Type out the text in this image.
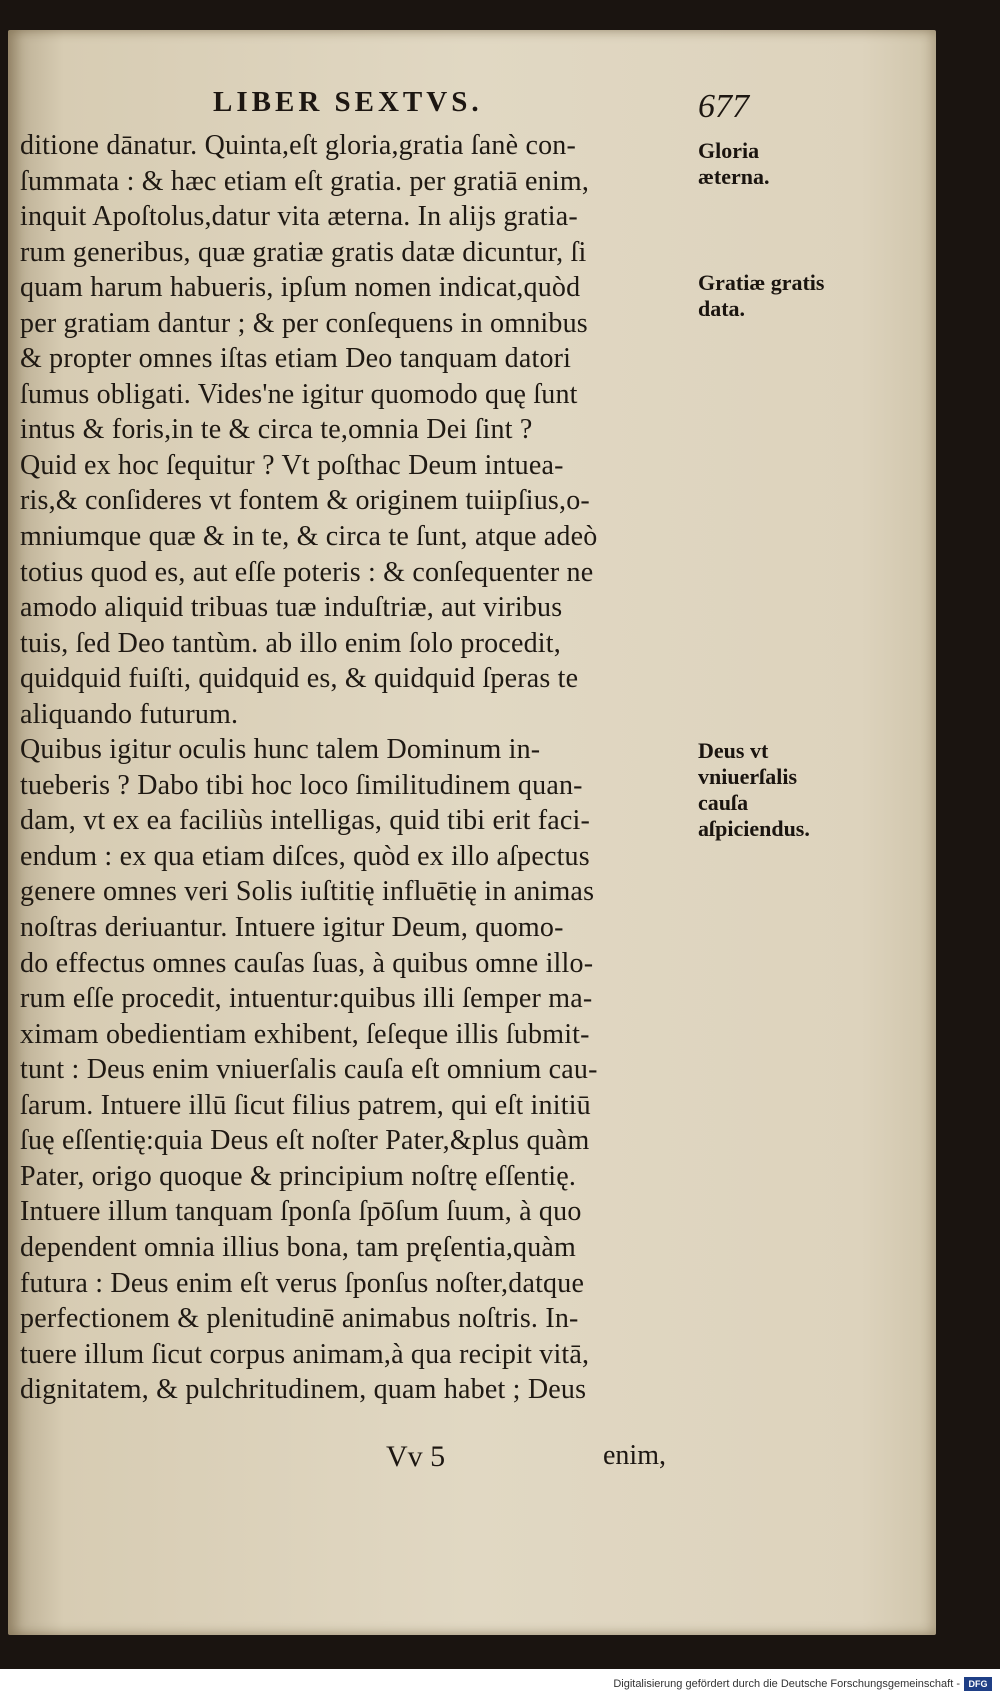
LIBER SEXTVS.	677
ditione dānatur. Quinta,eſt gloria,gratia ſanè con-
ſummata : & hæc etiam eſt gratia. per gratiā enim,
inquit Apoſtolus,datur vita æterna. In alijs gratia-
rum generibus, quæ gratiæ gratis datæ dicuntur, ſi
quam harum habueris, ipſum nomen indicat,quòd
per gratiam dantur ; & per conſequens in omnibus
& propter omnes iſtas etiam Deo tanquam datori
ſumus obligati. Vides'ne igitur quomodo quę ſunt
intus & foris,in te & circa te,omnia Dei ſint ?
Quid ex hoc ſequitur ? Vt poſthac Deum intuea-
ris,& conſideres vt fontem & originem tuiipſius,o-
mniumque quæ & in te, & circa te ſunt, atque adeò
totius quod es, aut eſſe poteris : & conſequenter ne
amodo aliquid tribuas tuæ induſtriæ, aut viribus
tuis, ſed Deo tantùm. ab illo enim ſolo procedit,
quidquid fuiſti, quidquid es, & quidquid ſperas te
aliquando futurum.
Quibus igitur oculis hunc talem Dominum in-
tueberis ? Dabo tibi hoc loco ſimilitudinem quan-
dam, vt ex ea faciliùs intelligas, quid tibi erit faci-
endum : ex qua etiam diſces, quòd ex illo aſpectus
genere omnes veri Solis iuſtitię influētię in animas
noſtras deriuantur. Intuere igitur Deum, quomo-
do effectus omnes cauſas ſuas, à quibus omne illo-
rum eſſe procedit, intuentur:quibus illi ſemper ma-
ximam obedientiam exhibent, ſeſeque illis ſubmit-
tunt : Deus enim vniuerſalis cauſa eſt omnium cau-
ſarum. Intuere illū ſicut filius patrem, qui eſt initiū
ſuę eſſentię:quia Deus eſt noſter Pater,&plus quàm
Pater, origo quoque & principium noſtrę eſſentię.
Intuere illum tanquam ſponſa ſpōſum ſuum, à quo
dependent omnia illius bona, tam pręſentia,quàm
futura : Deus enim eſt verus ſponſus noſter,datque
perfectionem & plenitudinē animabus noſtris. In-
tuere illum ſicut corpus animam,à qua recipit vitā,
dignitatem, & pulchritudinem, quam habet ; Deus
Gloria æterna.
Gratiæ gratis data.
Deus vt vniuerſalis cauſa aſpiciendus.
Vv 5	enim,
Digitalisierung gefördert durch die Deutsche Forschungsgemeinschaft - DFG
